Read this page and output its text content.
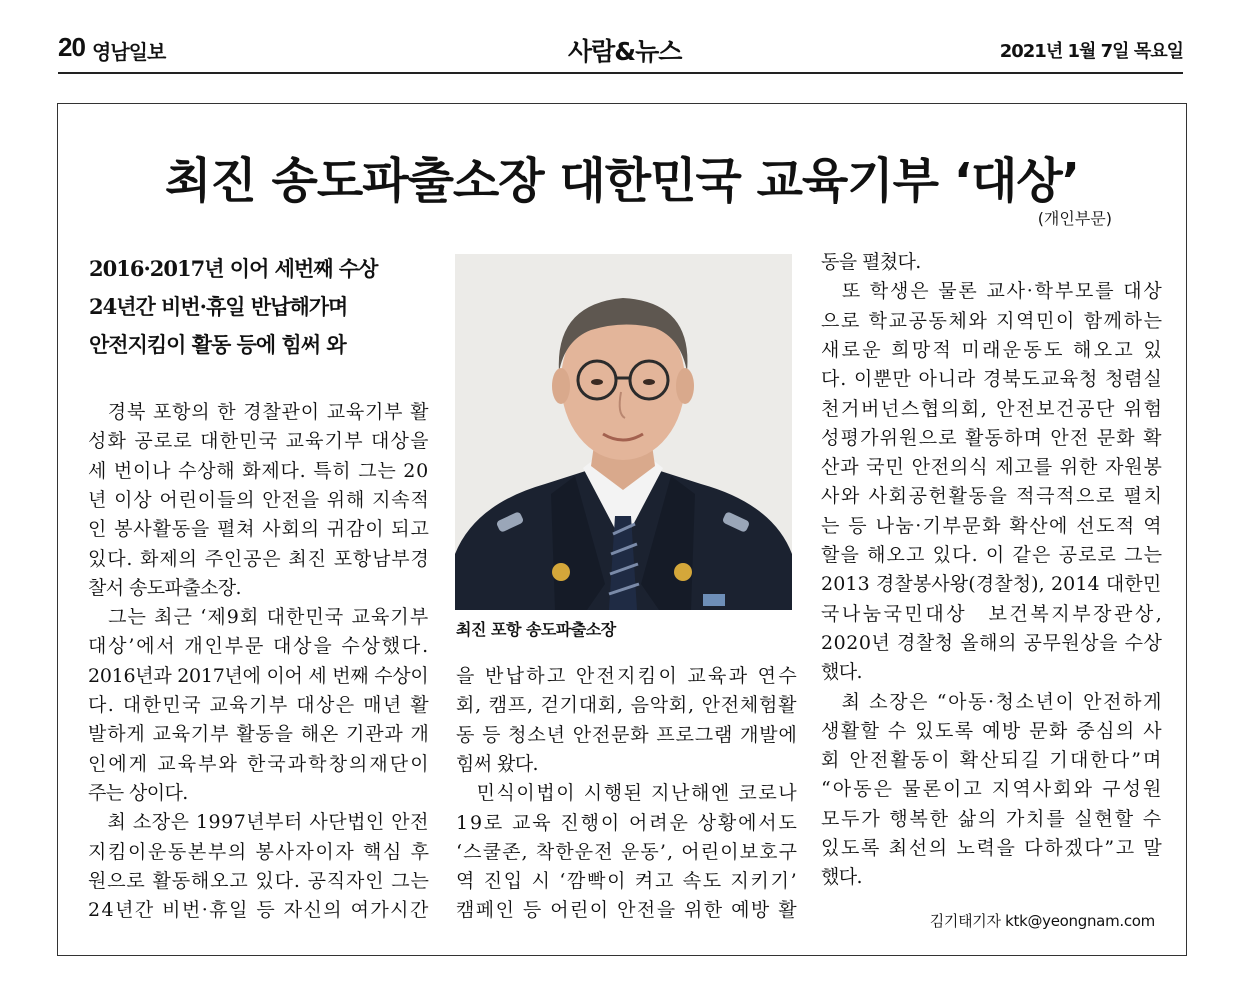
20 영남일보	사람&뉴스	2021년 1월 7일 목요일
최진 송도파출소장 대한민국 교육기부 ‘대상’
(개인부문)
2016·2017년 이어 세번째 수상
24년간 비번·휴일 반납해가며
안전지킴이 활동 등에 힘써 와
　경북 포항의 한 경찰관이 교육기부 활
성화 공로로 대한민국 교육기부 대상을
세 번이나 수상해 화제다. 특히 그는 20
년 이상 어린이들의 안전을 위해 지속적
인 봉사활동을 펼쳐 사회의 귀감이 되고
있다. 화제의 주인공은 최진 포항남부경
찰서 송도파출소장.
　그는 최근 ‘제9회 대한민국 교육기부
대상’에서 개인부문 대상을 수상했다.
2016년과 2017년에 이어 세 번째 수상이
다. 대한민국 교육기부 대상은 매년 활
발하게 교육기부 활동을 해온 기관과 개
인에게 교육부와 한국과학창의재단이
주는 상이다.
　최 소장은 1997년부터 사단법인 안전
지킴이운동본부의 봉사자이자 핵심 후
원으로 활동해오고 있다. 공직자인 그는
24년간 비번·휴일 등 자신의 여가시간
을 반납하고 안전지킴이 교육과 연수
회, 캠프, 걷기대회, 음악회, 안전체험활
동 등 청소년 안전문화 프로그램 개발에
힘써 왔다.
　민식이법이 시행된 지난해엔 코로나
19로 교육 진행이 어려운 상황에서도
‘스쿨존, 착한운전 운동’, 어린이보호구
역 진입 시 ‘깜빡이 켜고 속도 지키기’
캠페인 등 어린이 안전을 위한 예방 활
동을 펼쳤다.
　또 학생은 물론 교사·학부모를 대상
으로 학교공동체와 지역민이 함께하는
새로운 희망적 미래운동도 해오고 있
다. 이뿐만 아니라 경북도교육청 청렴실
천거버넌스협의회, 안전보건공단 위험
성평가위원으로 활동하며 안전 문화 확
산과 국민 안전의식 제고를 위한 자원봉
사와 사회공헌활동을 적극적으로 펼치
는 등 나눔·기부문화 확산에 선도적 역
할을 해오고 있다. 이 같은 공로로 그는
2013 경찰봉사왕(경찰청), 2014 대한민
국나눔국민대상　보건복지부장관상,
2020년 경찰청 올해의 공무원상을 수상
했다.
　최 소장은 “아동·청소년이 안전하게
생활할 수 있도록 예방 문화 중심의 사
회 안전활동이 확산되길 기대한다”며
“아동은 물론이고 지역사회와 구성원
모두가 행복한 삶의 가치를 실현할 수
있도록 최선의 노력을 다하겠다”고 말
했다.
최진 포항 송도파출소장
김기태기자 ktk@yeongnam.com
